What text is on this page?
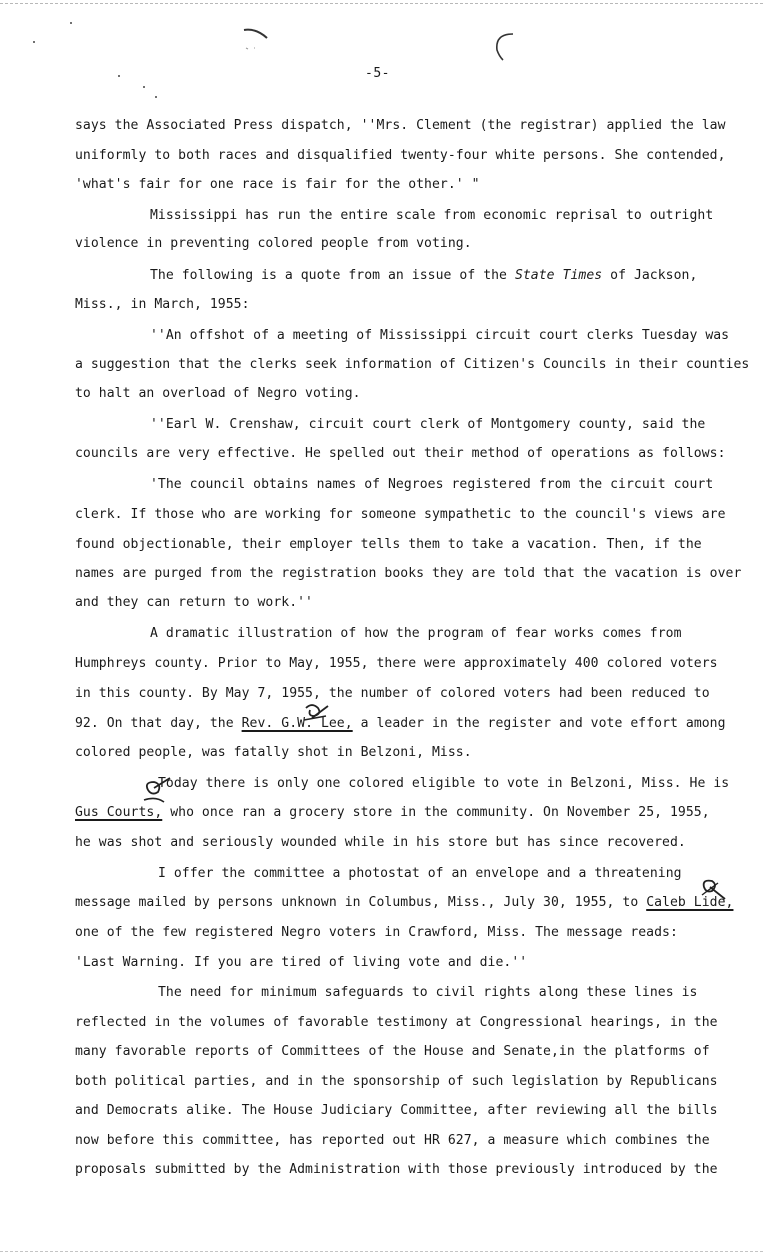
-5-
says the Associated Press dispatch, ''Mrs. Clement (the registrar) applied the law
uniformly to both races and disqualified twenty-four white persons. She contended,
'what's fair for one race is fair for the other.' "
Mississippi has run the entire scale from economic reprisal to outright
violence in preventing colored people from voting.
The following is a quote from an issue of the State Times of Jackson,
Miss., in March, 1955:
''An offshot of a meeting of Mississippi circuit court clerks Tuesday was
a suggestion that the clerks seek information of Citizen's Councils in their counties
to halt an overload of Negro voting.
''Earl W. Crenshaw, circuit court clerk of Montgomery county, said the
councils are very effective. He spelled out their method of operations as follows:
'The council obtains names of Negroes registered from the circuit court
clerk. If those who are working for someone sympathetic to the council's views are
found objectionable, their employer tells them to take a vacation. Then, if the
names are purged from the registration books they are told that the vacation is over
and they can return to work.''
A dramatic illustration of how the program of fear works comes from
Humphreys county. Prior to May, 1955, there were approximately 400 colored voters
in this county. By May 7, 1955, the number of colored voters had been reduced to
92. On that day, the Rev. G.W. Lee, a leader in the register and vote effort among
colored people, was fatally shot in Belzoni, Miss.
Today there is only one colored eligible to vote in Belzoni, Miss. He is
Gus Courts, who once ran a grocery store in the community. On November 25, 1955,
he was shot and seriously wounded while in his store but has since recovered.
I offer the committee a photostat of an envelope and a threatening
message mailed by persons unknown in Columbus, Miss., July 30, 1955, to Caleb Lide,
one of the few registered Negro voters in Crawford, Miss. The message reads:
'Last Warning. If you are tired of living vote and die.''
The need for minimum safeguards to civil rights along these lines is
reflected in the volumes of favorable testimony at Congressional hearings, in the
many favorable reports of Committees of the House and Senate,in the platforms of
both political parties, and in the sponsorship of such legislation by Republicans
and Democrats alike. The House Judiciary Committee, after reviewing all the bills
now before this committee, has reported out HR 627, a measure which combines the
proposals submitted by the Administration with those previously introduced by the
